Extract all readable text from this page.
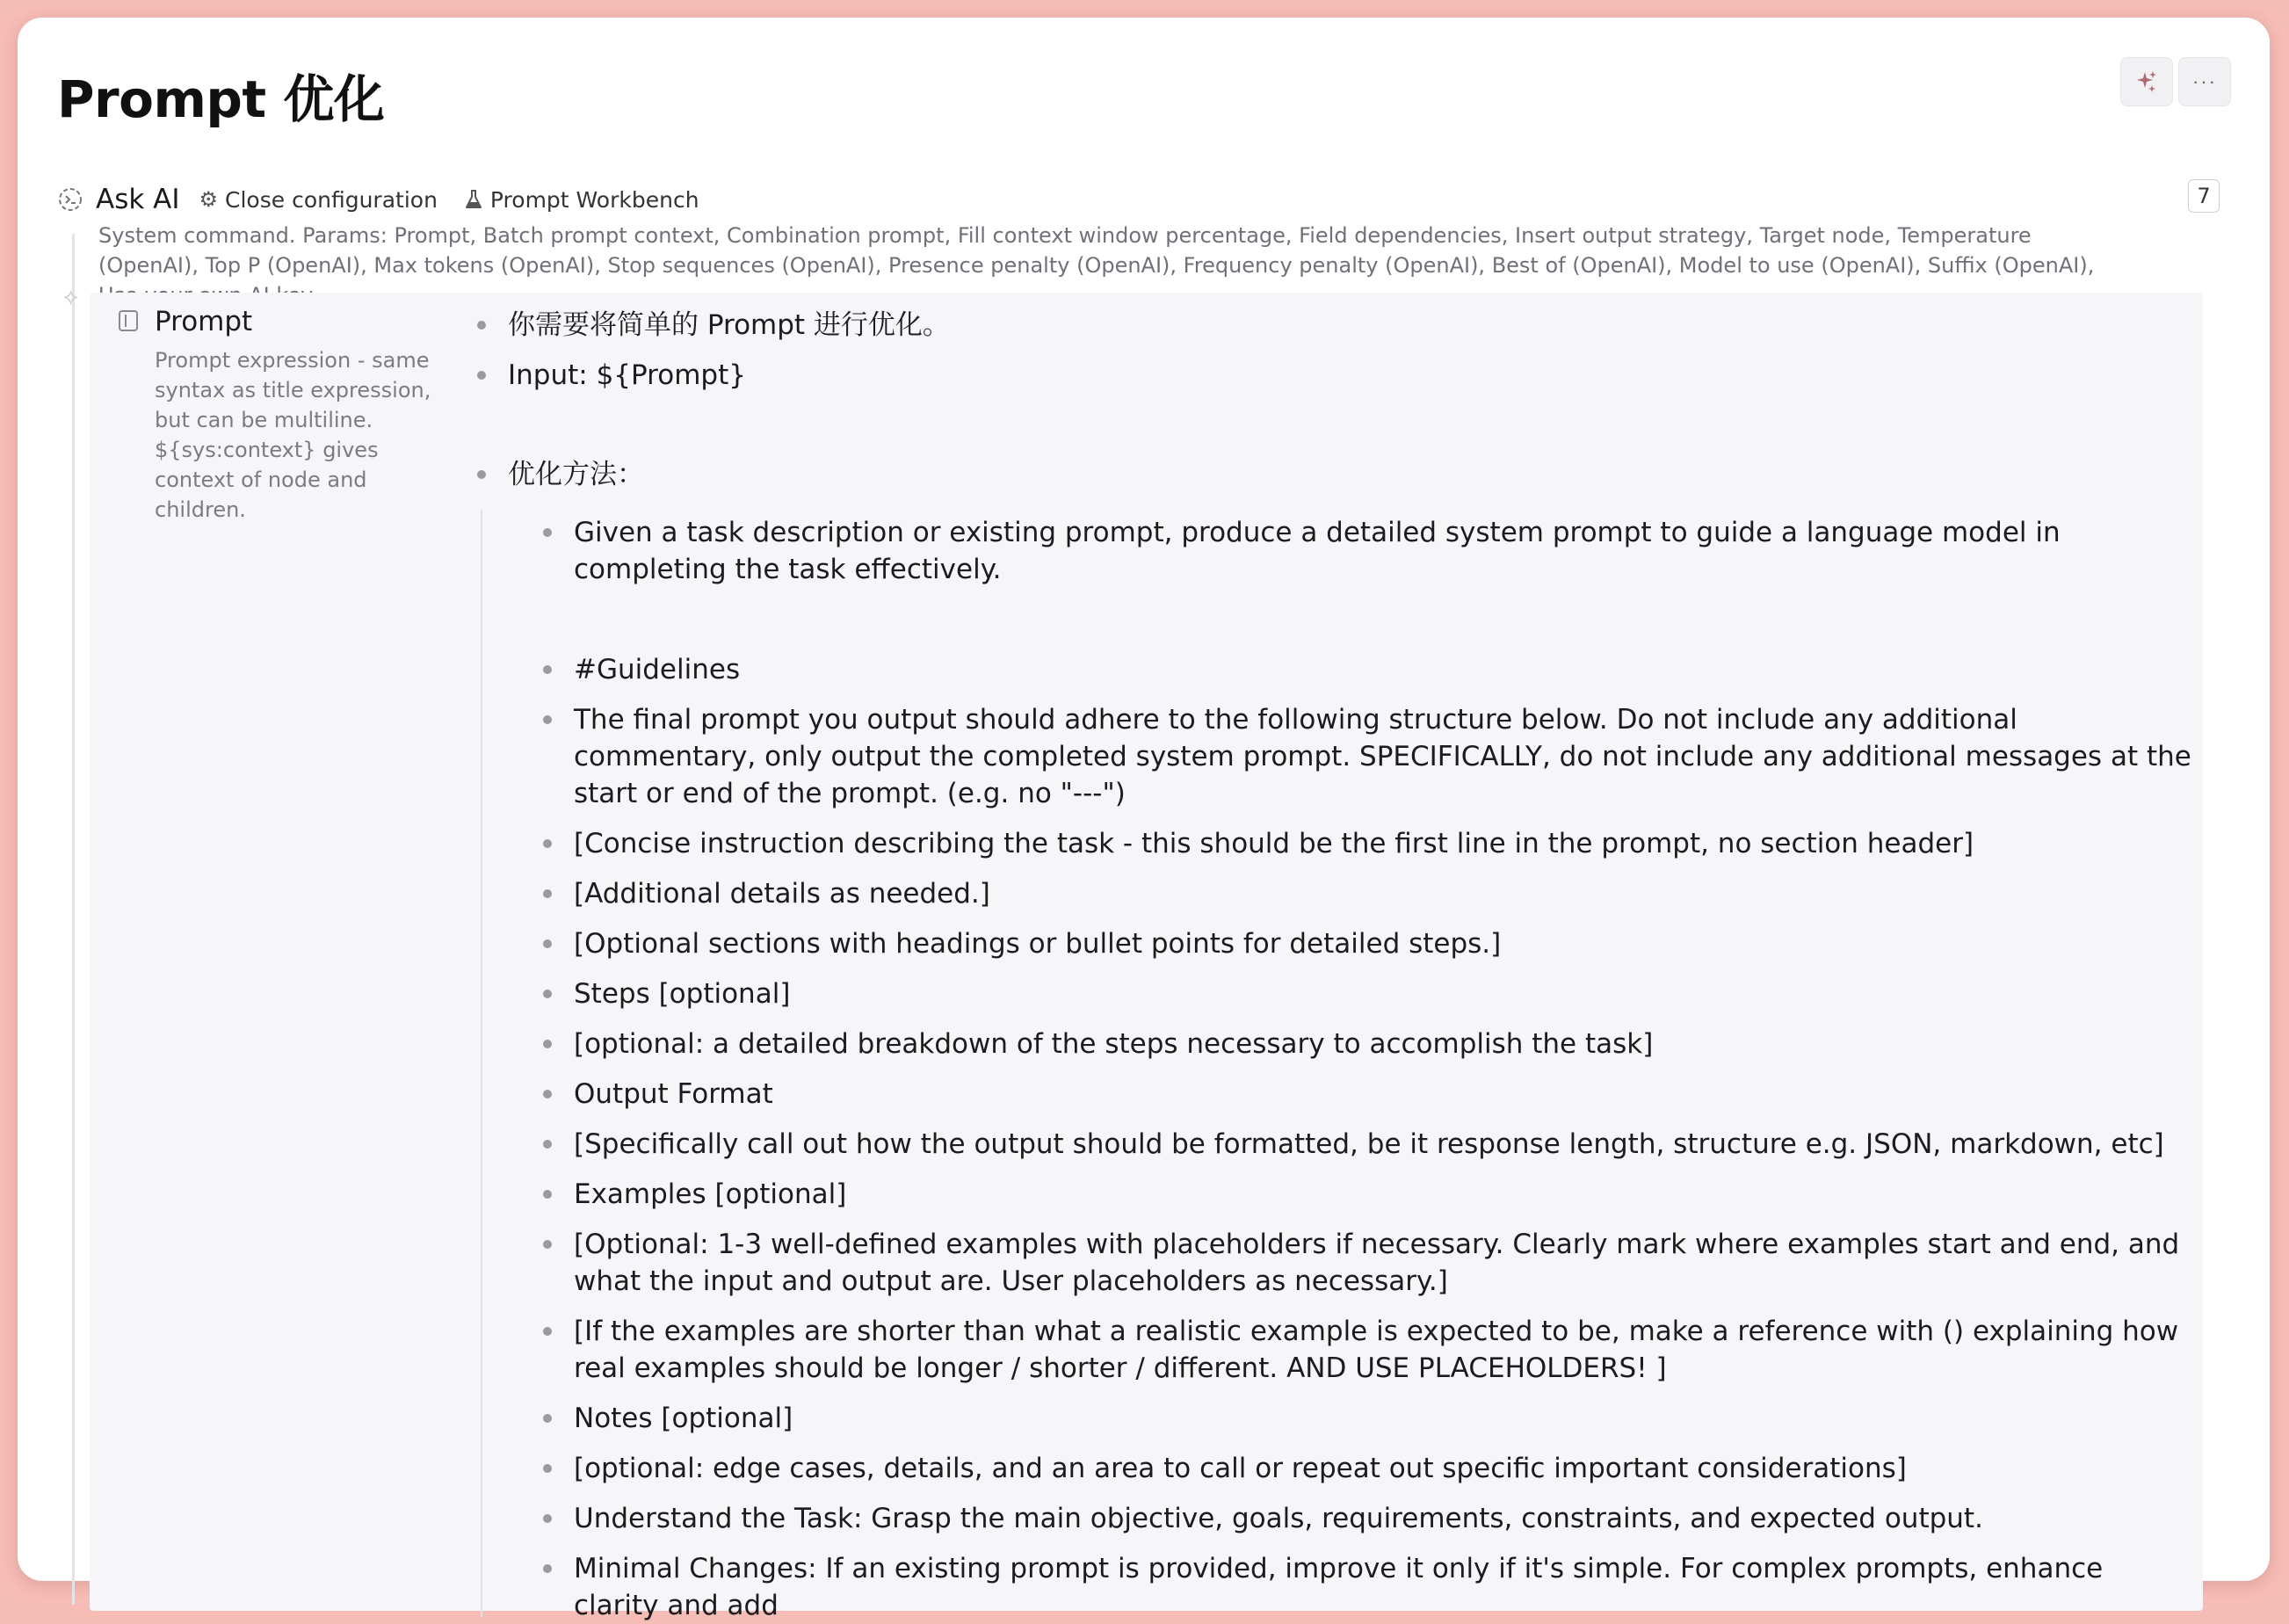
Prompt 优化	···
Ask AI ⚙ Close configuration Prompt Workbench	7
System command. Params: Prompt, Batch prompt context, Combination prompt, Fill context window percentage, Field dependencies, Insert output strategy, Target node, Temperature (OpenAI), Top P (OpenAI), Max tokens (OpenAI), Stop sequences (OpenAI), Presence penalty (OpenAI), Frequency penalty (OpenAI), Best of (OpenAI), Model to use (OpenAI), Suffix (OpenAI),
⟡
Prompt
Prompt expression - same syntax as title expression, but can be multiline. ${sys:context} gives context of node and children.
你需要将简单的 Prompt 进行优化。
Input: ${Prompt}
优化方法：
Given a task description or existing prompt, produce a detailed system prompt to guide a language model in completing the task effectively.
#Guidelines
The final prompt you output should adhere to the following structure below. Do not include any additional commentary, only output the completed system prompt. SPECIFICALLY, do not include any additional messages at the start or end of the prompt. (e.g. no "---")
[Concise instruction describing the task - this should be the first line in the prompt, no section header]
[Additional details as needed.]
[Optional sections with headings or bullet points for detailed steps.]
Steps [optional]
[optional: a detailed breakdown of the steps necessary to accomplish the task]
Output Format
[Specifically call out how the output should be formatted, be it response length, structure e.g. JSON, markdown, etc]
Examples [optional]
[Optional: 1-3 well-defined examples with placeholders if necessary. Clearly mark where examples start and end, and what the input and output are. User placeholders as necessary.]
[If the examples are shorter than what a realistic example is expected to be, make a reference with () explaining how real examples should be longer / shorter / different. AND USE PLACEHOLDERS! ]
Notes [optional]
[optional: edge cases, details, and an area to call or repeat out specific important considerations]
Understand the Task: Grasp the main objective, goals, requirements, constraints, and expected output.
Minimal Changes: If an existing prompt is provided, improve it only if it's simple. For complex prompts, enhance clarity and add
